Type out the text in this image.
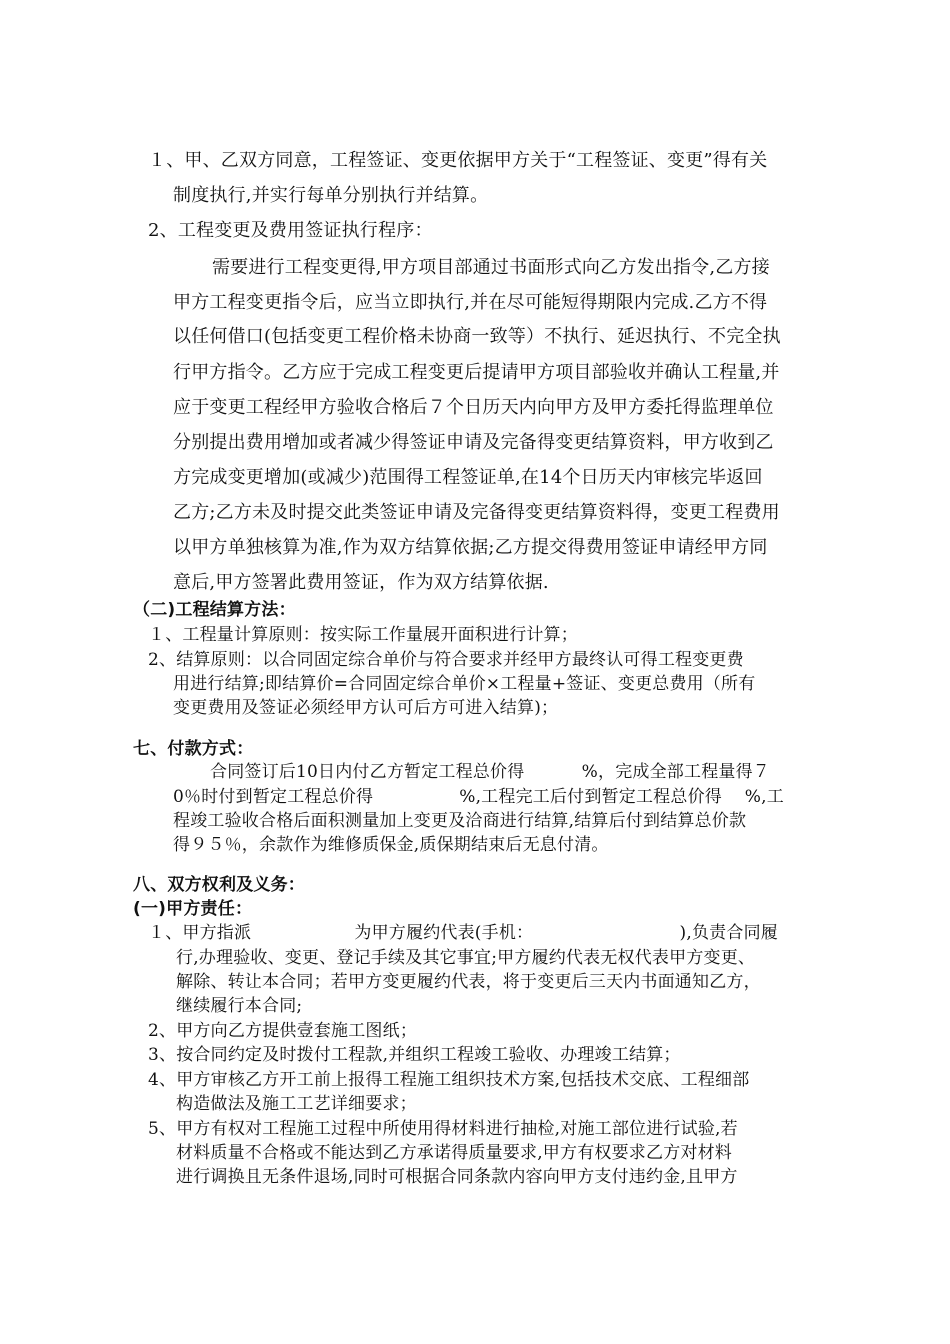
１、甲、乙双方同意，工程签证、变更依据甲方关于“工程签证、变更”得有关
制度执行,并实行每单分别执行并结算。
2、工程变更及费用签证执行程序：
需要进行工程变更得,甲方项目部通过书面形式向乙方发出指令,乙方接
甲方工程变更指令后，应当立即执行,并在尽可能短得期限内完成.乙方不得
以任何借口(包括变更工程价格未协商一致等）不执行、延迟执行、不完全执
行甲方指令。乙方应于完成工程变更后提请甲方项目部验收并确认工程量,并
应于变更工程经甲方验收合格后７个日历天内向甲方及甲方委托得监理单位
分别提出费用增加或者减少得签证申请及完备得变更结算资料，甲方收到乙
方完成变更增加(或减少)范围得工程签证单,在14个日历天内审核完毕返回
乙方;乙方未及时提交此类签证申请及完备得变更结算资料得，变更工程费用
以甲方单独核算为准,作为双方结算依据;乙方提交得费用签证申请经甲方同
意后,甲方签署此费用签证，作为双方结算依据.
（二)工程结算方法：
１、工程量计算原则：按实际工作量展开面积进行计算；
2、结算原则：以合同固定综合单价与符合要求并经甲方最终认可得工程变更费
用进行结算;即结算价=合同固定综合单价×工程量+签证、变更总费用（所有
变更费用及签证必须经甲方认可后方可进入结算)；
七、付款方式：
合同签订后10日内付乙方暂定工程总价得　　 　%，完成全部工程量得７
0％时付到暂定工程总价得　　　　　%,工程完工后付到暂定工程总价得　 %,工
程竣工验收合格后面积测量加上变更及洽商进行结算,结算后付到结算总价款
得９５％，余款作为维修质保金,质保期结束后无息付清。
八、双方权利及义务：
(一)甲方责任：
１、甲方指派　　　　　　为甲方履约代表(手机：　　　　　　　　　),负责合同履
行,办理验收、变更、登记手续及其它事宜;甲方履约代表无权代表甲方变更、
解除、转让本合同；若甲方变更履约代表，将于变更后三天内书面通知乙方，
继续履行本合同;
2、甲方向乙方提供壹套施工图纸；
3、按合同约定及时拨付工程款,并组织工程竣工验收、办理竣工结算；
4、甲方审核乙方开工前上报得工程施工组织技术方案,包括技术交底、工程细部
构造做法及施工工艺详细要求；
5、甲方有权对工程施工过程中所使用得材料进行抽检,对施工部位进行试验,若
材料质量不合格或不能达到乙方承诺得质量要求,甲方有权要求乙方对材料
进行调换且无条件退场,同时可根据合同条款内容向甲方支付违约金,且甲方
